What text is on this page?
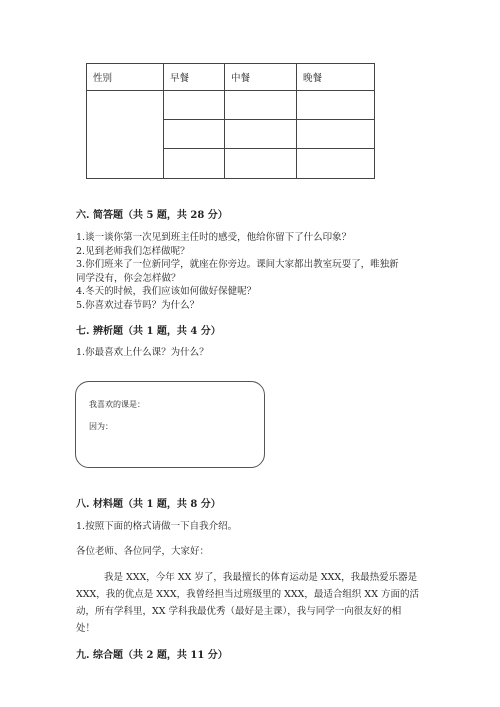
性别	早餐	中餐	晚餐

六. 简答题（共 5 题，共 28 分）
1.谈一谈你第一次见到班主任时的感受，他给你留下了什么印象？
2.见到老师我们怎样做呢？
3.你们班来了一位新同学，就座在你旁边。课间大家都出教室玩耍了，唯独新
同学没有，你会怎样做？
4.冬天的时候，我们应该如何做好保健呢？
5.你喜欢过春节吗？为什么？
七. 辨析题（共 1 题，共 4 分）
1.你最喜欢上什么课？为什么？
我喜欢的课是：
因为：
八. 材料题（共 1 题，共 8 分）
1.按照下面的格式请做一下自我介绍。
各位老师、各位同学，大家好：
我是 XXX，今年 XX 岁了，我最擅长的体育运动是 XXX，我最热爱乐器是
XXX，我的优点是 XXX，我曾经担当过班级里的 XXX，最适合组织 XX 方面的活
动，所有学科里，XX 学科我最优秀（最好是主课），我与同学一向很友好的相
处！
九. 综合题（共 2 题，共 11 分）
